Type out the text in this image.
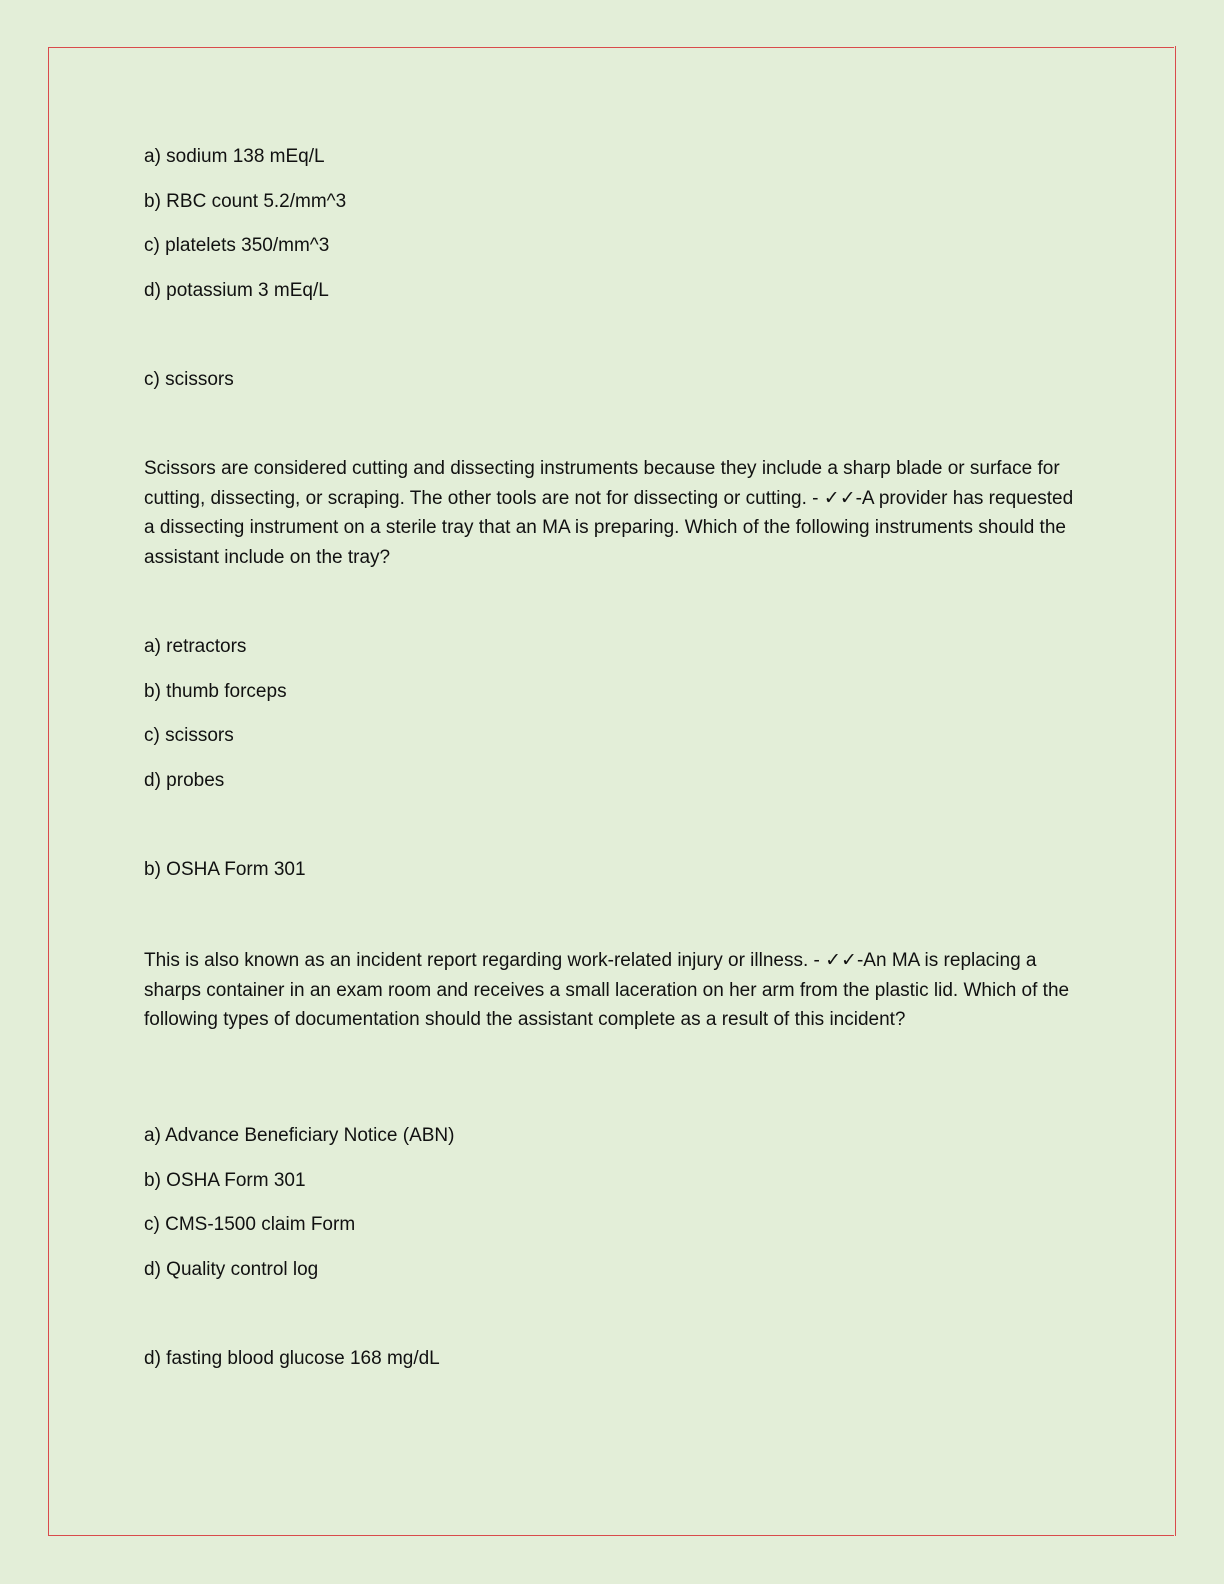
a) sodium 138 mEq/L
b) RBC count 5.2/mm^3
c) platelets 350/mm^3
d) potassium 3 mEq/L
c) scissors
Scissors are considered cutting and dissecting instruments because they include a sharp blade or surface for cutting, dissecting, or scraping. The other tools are not for dissecting or cutting. - ✓✓-A provider has requested a dissecting instrument on a sterile tray that an MA is preparing. Which of the following instruments should the assistant include on the tray?
a) retractors
b) thumb forceps
c) scissors
d) probes
b) OSHA Form 301
This is also known as an incident report regarding work-related injury or illness. - ✓✓-An MA is replacing a sharps container in an exam room and receives a small laceration on her arm from the plastic lid. Which of the following types of documentation should the assistant complete as a result of this incident?
a) Advance Beneficiary Notice (ABN)
b) OSHA Form 301
c) CMS-1500 claim Form
d) Quality control log
d) fasting blood glucose 168 mg/dL
